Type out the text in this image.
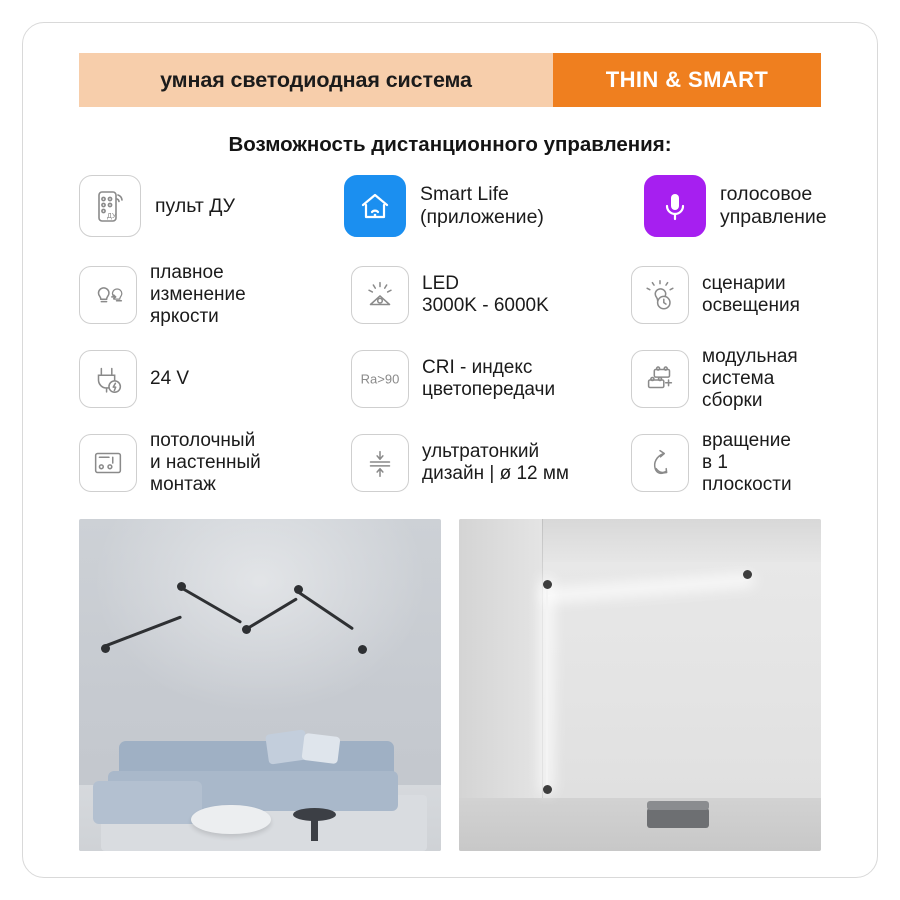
умная светодиодная система	THIN & SMART
Возможность дистанционного управления:
ДУ пульт ДУ
Smart Life
(приложение)
голосовое
управление
плавное
изменение
яркости
LED
3000K - 6000K
сценарии
освещения
24 V	Ra>90
CRI - индекс
цветопередачи
модульная
система
сборки
потолочный
и настенный
монтаж
ультратонкий
дизайн | ø 12 мм
вращение
в 1 плоскости
